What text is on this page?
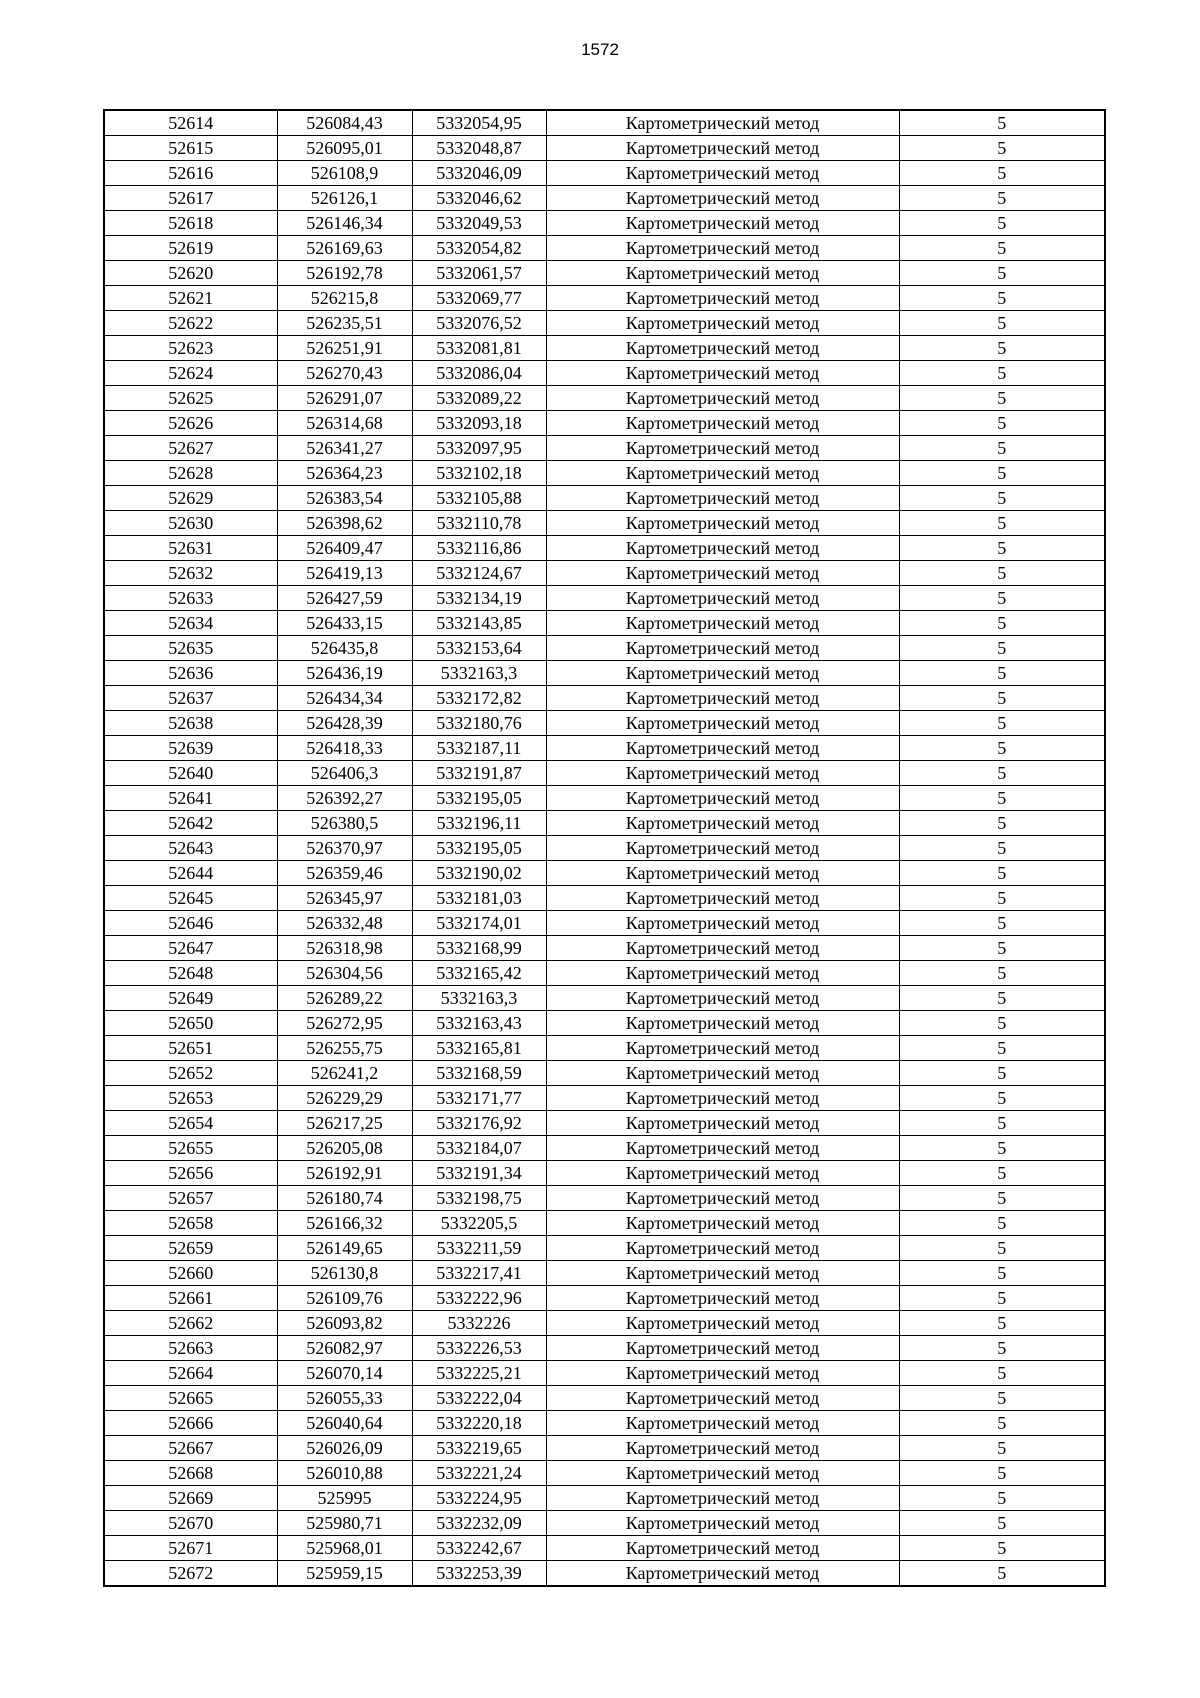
1572
52614	526084,43	5332054,95	Картометрический метод	5
52615	526095,01	5332048,87	Картометрический метод	5
52616	526108,9	5332046,09	Картометрический метод	5
52617	526126,1	5332046,62	Картометрический метод	5
52618	526146,34	5332049,53	Картометрический метод	5
52619	526169,63	5332054,82	Картометрический метод	5
52620	526192,78	5332061,57	Картометрический метод	5
52621	526215,8	5332069,77	Картометрический метод	5
52622	526235,51	5332076,52	Картометрический метод	5
52623	526251,91	5332081,81	Картометрический метод	5
52624	526270,43	5332086,04	Картометрический метод	5
52625	526291,07	5332089,22	Картометрический метод	5
52626	526314,68	5332093,18	Картометрический метод	5
52627	526341,27	5332097,95	Картометрический метод	5
52628	526364,23	5332102,18	Картометрический метод	5
52629	526383,54	5332105,88	Картометрический метод	5
52630	526398,62	5332110,78	Картометрический метод	5
52631	526409,47	5332116,86	Картометрический метод	5
52632	526419,13	5332124,67	Картометрический метод	5
52633	526427,59	5332134,19	Картометрический метод	5
52634	526433,15	5332143,85	Картометрический метод	5
52635	526435,8	5332153,64	Картометрический метод	5
52636	526436,19	5332163,3	Картометрический метод	5
52637	526434,34	5332172,82	Картометрический метод	5
52638	526428,39	5332180,76	Картометрический метод	5
52639	526418,33	5332187,11	Картометрический метод	5
52640	526406,3	5332191,87	Картометрический метод	5
52641	526392,27	5332195,05	Картометрический метод	5
52642	526380,5	5332196,11	Картометрический метод	5
52643	526370,97	5332195,05	Картометрический метод	5
52644	526359,46	5332190,02	Картометрический метод	5
52645	526345,97	5332181,03	Картометрический метод	5
52646	526332,48	5332174,01	Картометрический метод	5
52647	526318,98	5332168,99	Картометрический метод	5
52648	526304,56	5332165,42	Картометрический метод	5
52649	526289,22	5332163,3	Картометрический метод	5
52650	526272,95	5332163,43	Картометрический метод	5
52651	526255,75	5332165,81	Картометрический метод	5
52652	526241,2	5332168,59	Картометрический метод	5
52653	526229,29	5332171,77	Картометрический метод	5
52654	526217,25	5332176,92	Картометрический метод	5
52655	526205,08	5332184,07	Картометрический метод	5
52656	526192,91	5332191,34	Картометрический метод	5
52657	526180,74	5332198,75	Картометрический метод	5
52658	526166,32	5332205,5	Картометрический метод	5
52659	526149,65	5332211,59	Картометрический метод	5
52660	526130,8	5332217,41	Картометрический метод	5
52661	526109,76	5332222,96	Картометрический метод	5
52662	526093,82	5332226	Картометрический метод	5
52663	526082,97	5332226,53	Картометрический метод	5
52664	526070,14	5332225,21	Картометрический метод	5
52665	526055,33	5332222,04	Картометрический метод	5
52666	526040,64	5332220,18	Картометрический метод	5
52667	526026,09	5332219,65	Картометрический метод	5
52668	526010,88	5332221,24	Картометрический метод	5
52669	525995	5332224,95	Картометрический метод	5
52670	525980,71	5332232,09	Картометрический метод	5
52671	525968,01	5332242,67	Картометрический метод	5
52672	525959,15	5332253,39	Картометрический метод	5
